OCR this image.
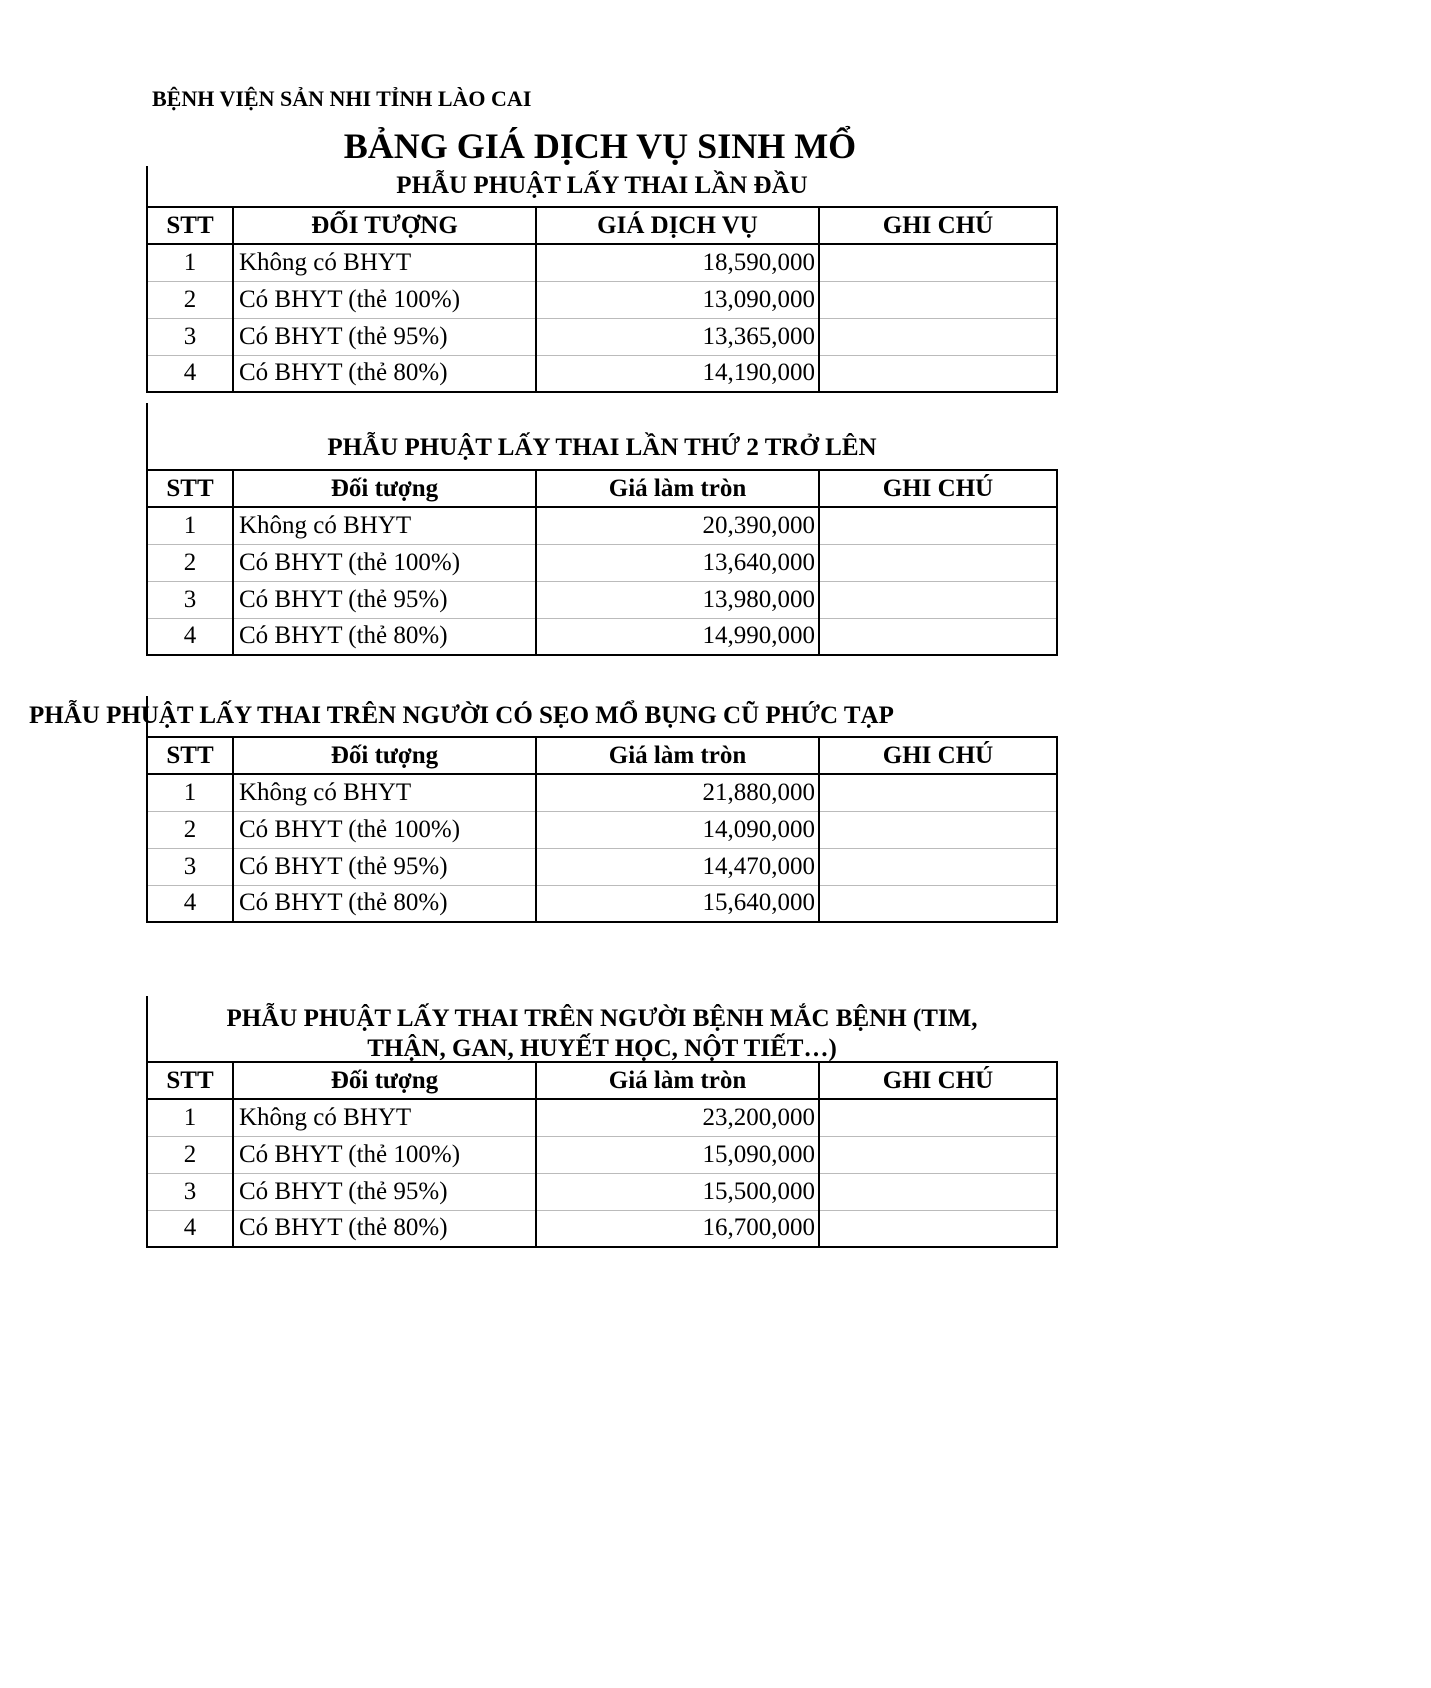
BỆNH VIỆN SẢN NHI TỈNH LÀO CAI
BẢNG GIÁ DỊCH VỤ SINH MỔ
PHẪU PHUẬT LẤY THAI LẦN ĐẦU
STT	ĐỐI TƯỢNG	GIÁ DỊCH VỤ	GHI CHÚ
1	Không có BHYT	18,590,000	
2	Có BHYT (thẻ 100%)	13,090,000	
3	Có BHYT (thẻ 95%)	13,365,000	
4	Có BHYT (thẻ 80%)	14,190,000	
PHẪU PHUẬT LẤY THAI LẦN THỨ 2 TRỞ LÊN
STT	Đối tượng	Giá làm tròn	GHI CHÚ
1	Không có BHYT	20,390,000	
2	Có BHYT (thẻ 100%)	13,640,000	
3	Có BHYT (thẻ 95%)	13,980,000	
4	Có BHYT (thẻ 80%)	14,990,000	
PHẪU PHUẬT LẤY THAI TRÊN NGƯỜI CÓ SẸO MỔ BỤNG CŨ PHỨC TẠP
STT	Đối tượng	Giá làm tròn	GHI CHÚ
1	Không có BHYT	21,880,000	
2	Có BHYT (thẻ 100%)	14,090,000	
3	Có BHYT (thẻ 95%)	14,470,000	
4	Có BHYT (thẻ 80%)	15,640,000	
PHẪU PHUẬT LẤY THAI TRÊN NGƯỜI BỆNH MẮC BỆNH (TIM,
THẬN, GAN, HUYẾT HỌC, NỘT TIẾT…)
STT	Đối tượng	Giá làm tròn	GHI CHÚ
1	Không có BHYT	23,200,000	
2	Có BHYT (thẻ 100%)	15,090,000	
3	Có BHYT (thẻ 95%)	15,500,000	
4	Có BHYT (thẻ 80%)	16,700,000	
